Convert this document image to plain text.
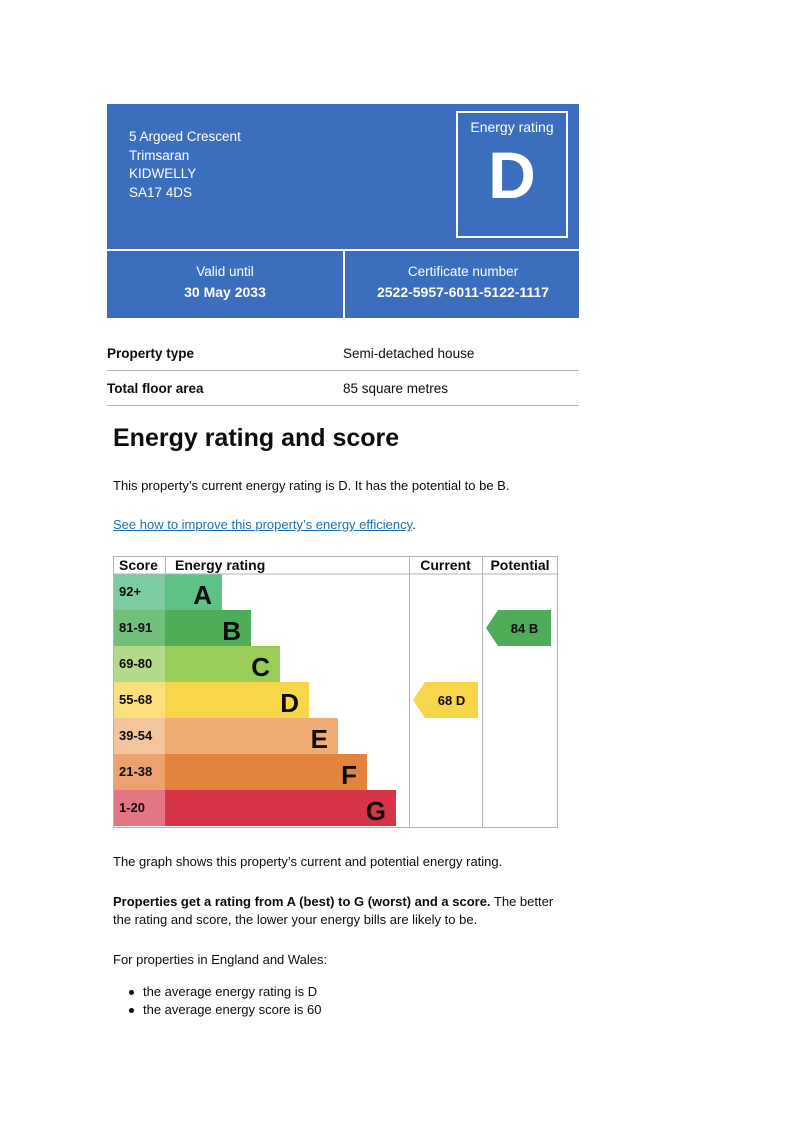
5 Argoed Crescent
Trimsaran
KIDWELLY
SA17 4DS
Energy rating
D
Valid until
30 May 2033
Certificate number
2522-5957-6011-5122-1117
Property type	Semi-detached house
Total floor area	85 square metres
Energy rating and score
This property’s current energy rating is D. It has the potential to be B.
See how to improve this property’s energy efficiency.
Score Energy rating	Current Potential
92+ A
81-91	B
69-80	C
55-68	D
39-54	E
21-38	F
1-20	G
68 D
84 B
The graph shows this property’s current and potential energy rating.
Properties get a rating from A (best) to G (worst) and a score. The better
the rating and score, the lower your energy bills are likely to be.
For properties in England and Wales:
the average energy rating is D
the average energy score is 60
